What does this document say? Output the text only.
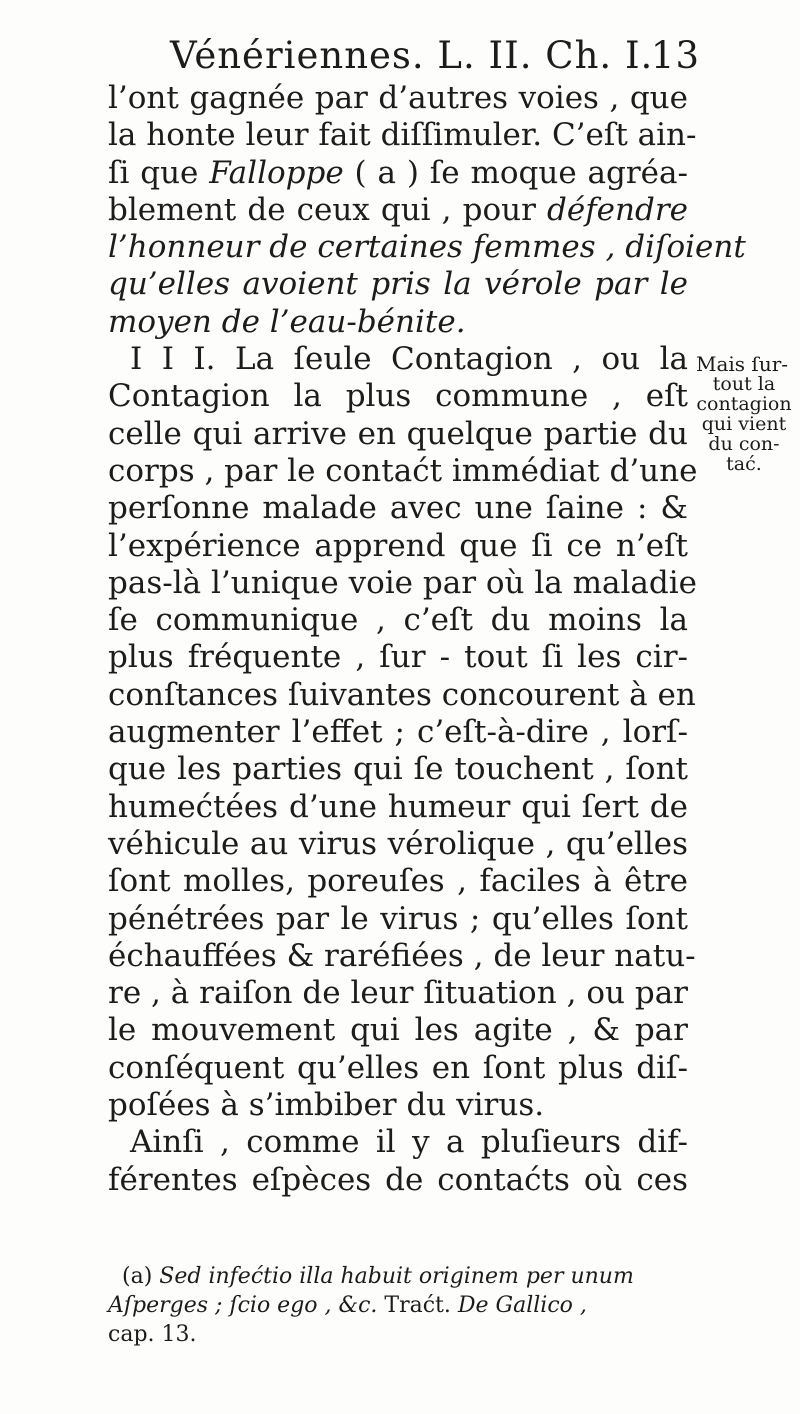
Vénériennes. L. II. Ch. I.
13
l’ont gagnée par d’autres voies , que
la honte leur fait diſſimuler. C’eſt ain-
ſi que Falloppe ( a ) ſe moque agréa-
blement de ceux qui , pour défendre
l’honneur de certaines femmes , diſoient
qu’elles avoient pris la vérole par le
moyen de l’eau-bénite.
I I I. La ſeule Contagion , ou la
Contagion la plus commune , eſt
celle qui arrive en quelque partie du
corps , par le contaćt immédiat d’une
perſonne malade avec une ſaine : &
l’expérience apprend que ſi ce n’eſt
pas-là l’unique voie par où la maladie
ſe communique , c’eſt du moins la
plus fréquente , ſur - tout ſi les cir-
conſtances ſuivantes concourent à en
augmenter l’effet ; c’eſt-à-dire , lorſ-
que les parties qui ſe touchent , ſont
humećtées d’une humeur qui ſert de
véhicule au virus vérolique , qu’elles
ſont molles, poreuſes , faciles à être
pénétrées par le virus ; qu’elles ſont
échauffées & raréfiées , de leur natu-
re , à raiſon de leur ſituation , ou par
le mouvement qui les agite , & par
conſéquent qu’elles en ſont plus diſ-
poſées à s’imbiber du virus.
Ainſi , comme il y a pluſieurs dif-
férentes eſpèces de contaćts où ces
Mais ſur-
tout la
contagion
qui vient
du con-
tać.
(a) Sed infećtio illa habuit originem per unum
Aſperges ; ſcio ego , &c. Traćt. De Gallico ,
cap. 13.
